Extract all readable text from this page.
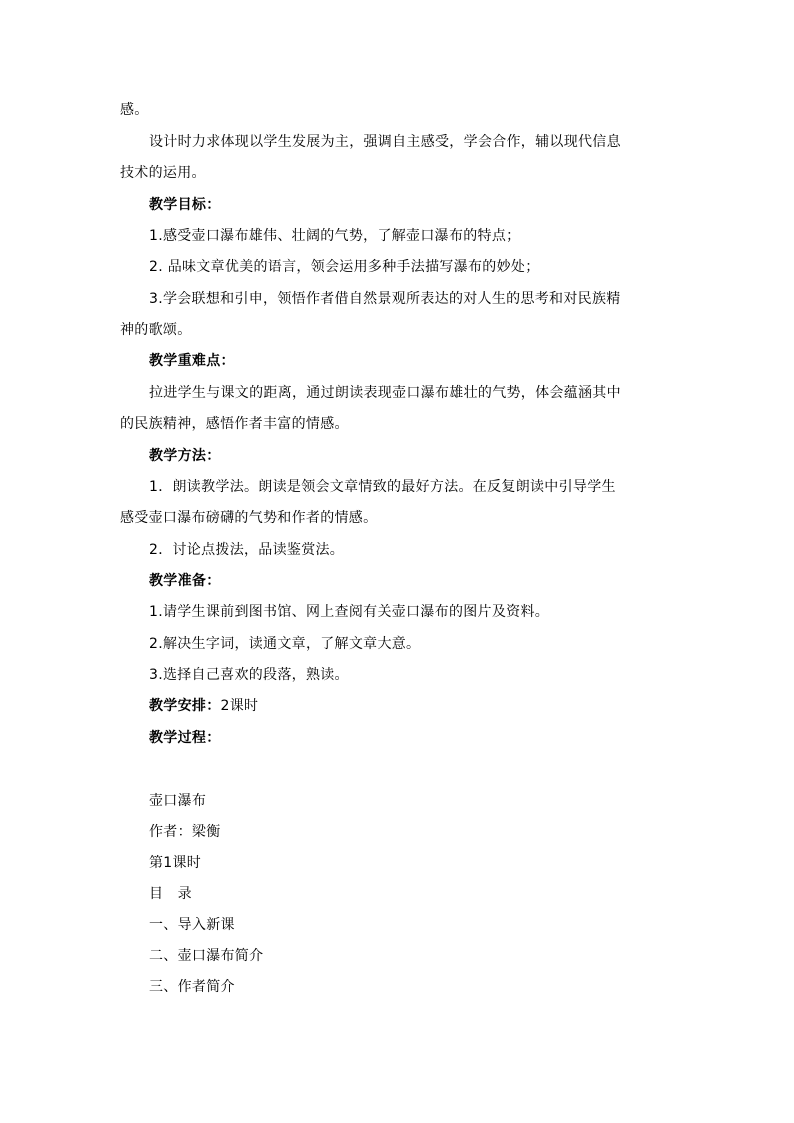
感。
设计时力求体现以学生发展为主，强调自主感受，学会合作，辅以现代信息
技术的运用。
教学目标：
1.感受壶口瀑布雄伟、壮阔的气势，了解壶口瀑布的特点；
2. 品味文章优美的语言，领会运用多种手法描写瀑布的妙处；
3.学会联想和引申，领悟作者借自然景观所表达的对人生的思考和对民族精
神的歌颂。
教学重难点：
拉进学生与课文的距离，通过朗读表现壶口瀑布雄壮的气势，体会蕴涵其中
的民族精神，感悟作者丰富的情感。
教学方法：
1．朗读教学法。朗读是领会文章情致的最好方法。在反复朗读中引导学生
感受壶口瀑布磅礴的气势和作者的情感。
2．讨论点拨法，品读鉴赏法。
教学准备：
1.请学生课前到图书馆、网上查阅有关壶口瀑布的图片及资料。
2.解决生字词，读通文章，了解文章大意。
3.选择自己喜欢的段落，熟读。
教学安排：2课时
教学过程：
壶口瀑布
作者：梁衡
第1课时
目　录
一、导入新课
二、壶口瀑布简介
三、作者简介
